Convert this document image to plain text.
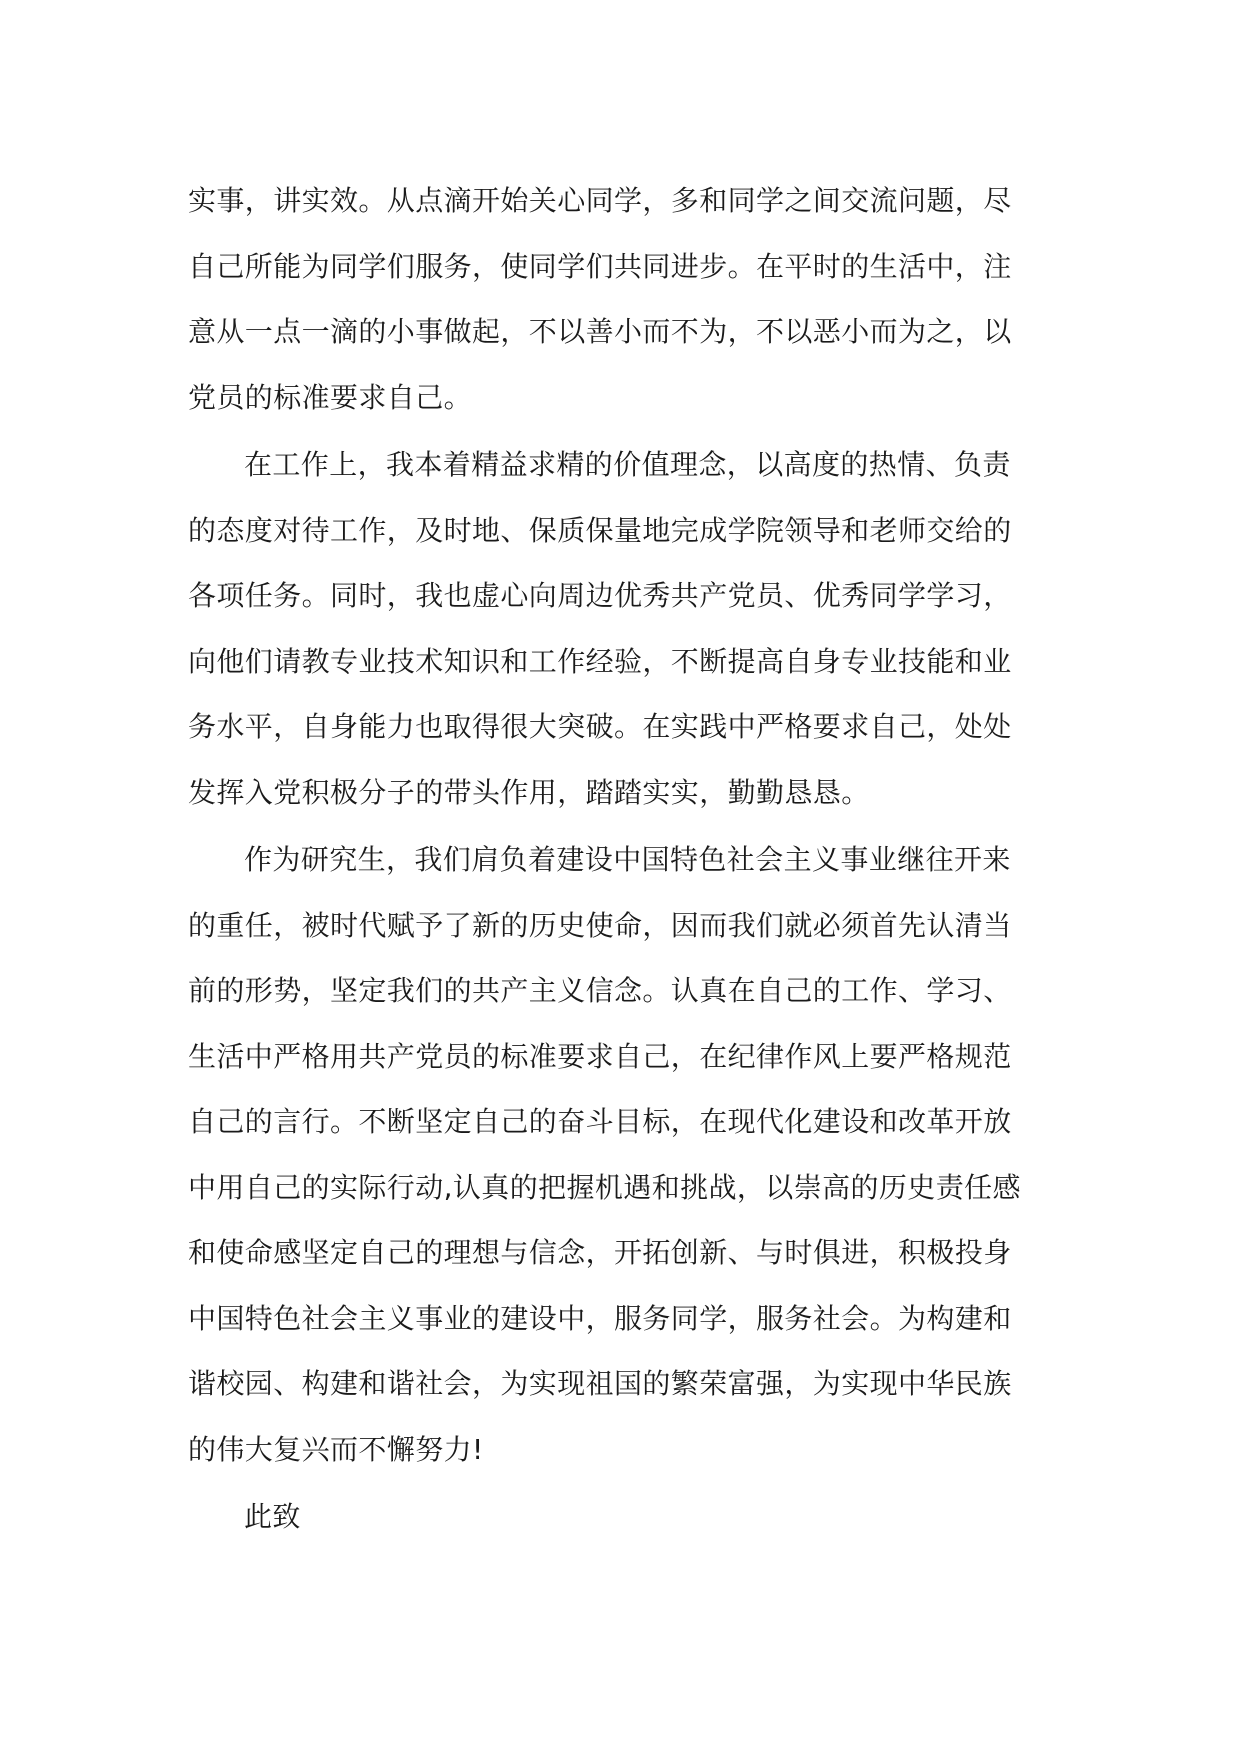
实事，讲实效。从点滴开始关心同学，多和同学之间交流问题，尽
自己所能为同学们服务，使同学们共同进步。在平时的生活中，注
意从一点一滴的小事做起，不以善小而不为，不以恶小而为之，以
党员的标准要求自己。
在工作上，我本着精益求精的价值理念，以高度的热情、负责
的态度对待工作，及时地、保质保量地完成学院领导和老师交给的
各项任务。同时，我也虚心向周边优秀共产党员、优秀同学学习，
向他们请教专业技术知识和工作经验，不断提高自身专业技能和业
务水平，自身能力也取得很大突破。在实践中严格要求自己，处处
发挥入党积极分子的带头作用，踏踏实实，勤勤恳恳。
作为研究生，我们肩负着建设中国特色社会主义事业继往开来
的重任，被时代赋予了新的历史使命，因而我们就必须首先认清当
前的形势，坚定我们的共产主义信念。认真在自己的工作、学习、
生活中严格用共产党员的标准要求自己，在纪律作风上要严格规范
自己的言行。不断坚定自己的奋斗目标，在现代化建设和改革开放
中用自己的实际行动,认真的把握机遇和挑战，以崇高的历史责任感
和使命感坚定自己的理想与信念，开拓创新、与时俱进，积极投身
中国特色社会主义事业的建设中，服务同学，服务社会。为构建和
谐校园、构建和谐社会，为实现祖国的繁荣富强，为实现中华民族
的伟大复兴而不懈努力!
此致
